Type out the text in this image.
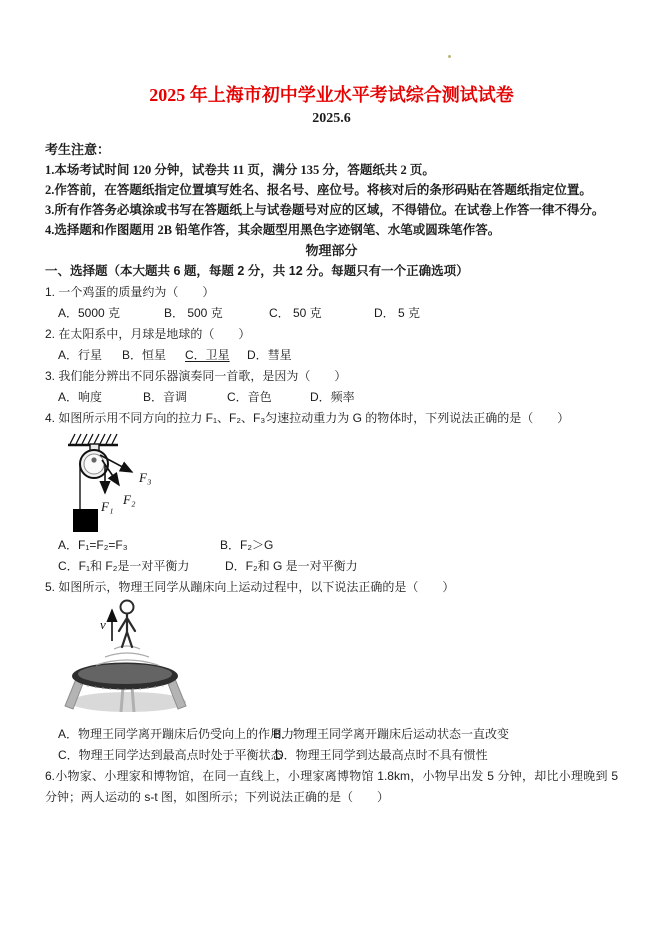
2025 年上海市初中学业水平考试综合测试试卷
2025.6
考生注意：
1.本场考试时间 120 分钟，试卷共 11 页，满分 135 分，答题纸共 2 页。
2.作答前，在答题纸指定位置填写姓名、报名号、座位号。将核对后的条形码贴在答题纸指定位置。
3.所有作答务必填涂或书写在答题纸上与试卷题号对应的区域，不得错位。在试卷上作答一律不得分。
4.选择题和作图题用 2B 铅笔作答，其余题型用黑色字迹钢笔、水笔或圆珠笔作答。
物理部分
一、选择题（本大题共 6 题，每题 2 分，共 12 分。每题只有一个正确选项）
1. 一个鸡蛋的质量约为（　　）
A．5000 克	B． 500 克	C． 50 克	D． 5 克
2. 在太阳系中，月球是地球的（　　）
A．行星	B．恒星	C．卫星	D．彗星
3. 我们能分辨出不同乐器演奏同一首歌，是因为（　　）
A．响度	B．音调	C．音色	D．频率
4. 如图所示用不同方向的拉力 F₁、F₂、F₃匀速拉动重力为 G 的物体时，下列说法正确的是（　　）
F₁ F₂
F₃
A．F₁=F₂=F₃	B．F₂＞G
C．F₁和 F₂是一对平衡力	D．F₂和 G 是一对平衡力
5. 如图所示，物理王同学从蹦床向上运动过程中，以下说法正确的是（　　）
v
A．物理王同学离开蹦床后仍受向上的作用力
B．物理王同学离开蹦床后运动状态一直改变
C．物理王同学达到最高点时处于平衡状态
D．物理王同学到达最高点时不具有惯性
6.小物家、小理家和博物馆，在同一直线上，小理家离博物馆 1.8km，小物早出发 5 分钟，却比小理晚到 5 分钟；两人运动的 s-t 图，如图所示；下列说法正确的是（　　）
